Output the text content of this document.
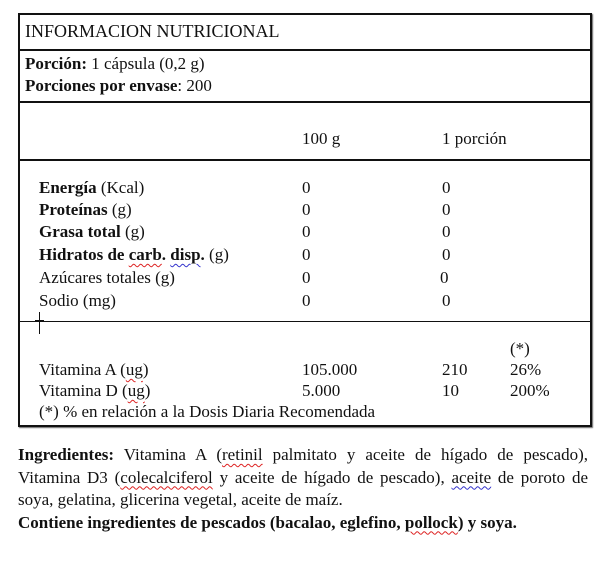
INFORMACION NUTRICIONAL
Porción: 1 cápsula (0,2 g)
Porciones por envase: 200
100 g	1 porción
Energía (Kcal)	0	0
Proteínas (g)	0	0
Grasa total (g)	0	0
Hidratos de carb. disp. (g)	0	0
Azúcares totales (g)	0	0
Sodio (mg)	0	0
(*)
Vitamina A (ug)	105.000	210	26%
Vitamina D (ug)	5.000	10	200%
(*) % en relación a la Dosis Diaria Recomendada

Ingredientes: Vitamina A (retinil palmitato y aceite de hígado de pescado), Vitamina D3 (colecalciferol y aceite de hígado de pescado), aceite de poroto de soya, gelatina, glicerina vegetal, aceite de maíz.

Contiene ingredientes de pescados (bacalao, eglefino, pollock) y soya.
